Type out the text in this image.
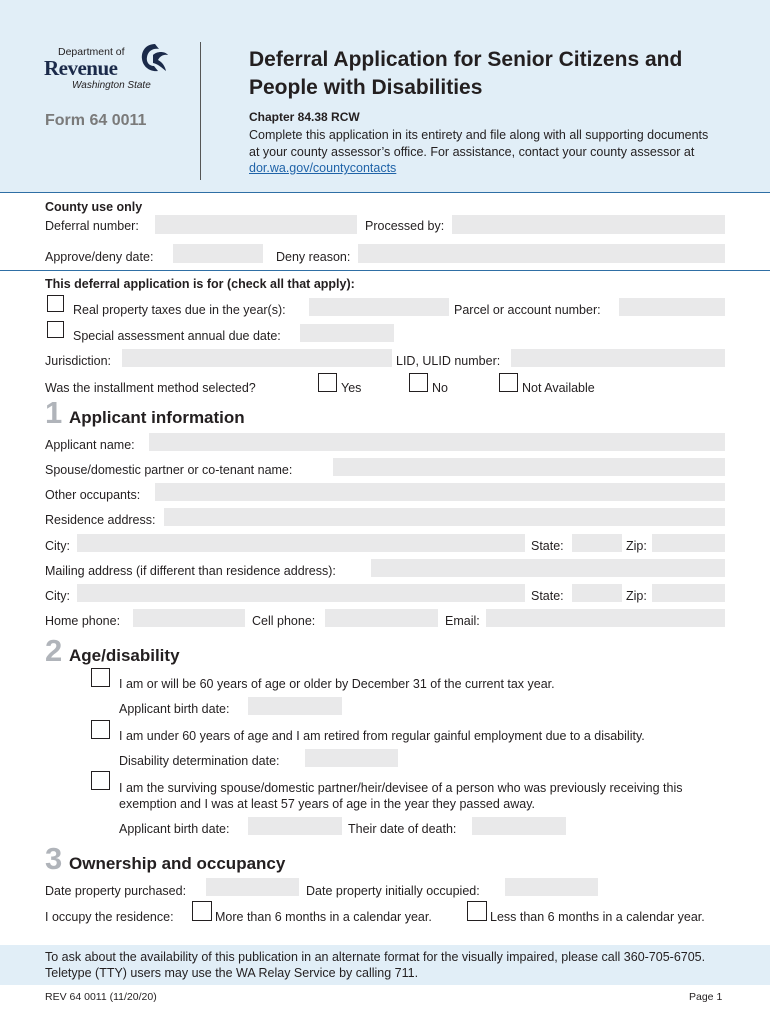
Department of
Revenue
Washington State
Form 64 0011
Deferral Application for Senior Citizens and People with Disabilities
Chapter 84.38 RCW
Complete this application in its entirety and file along with all supporting documents at your county assessor’s office. For assistance, contact your county assessor at dor.wa.gov/countycontacts
County use only
Deferral number:	Processed by:
Approve/deny date:	Deny reason:
This deferral application is for (check all that apply):
Real property taxes due in the year(s):	Parcel or account number:
Special assessment annual due date:
Jurisdiction:	LID, ULID number:
Was the installment method selected?	Yes	No	Not Available
1 Applicant information
Applicant name:
Spouse/domestic partner or co-tenant name:
Other occupants:
Residence address:
City:	State:	Zip:
Mailing address (if different than residence address):
City:	State:	Zip:
Home phone:	Cell phone:	Email:
2 Age/disability
I am or will be 60 years of age or older by December 31 of the current tax year.
Applicant birth date:
I am under 60 years of age and I am retired from regular gainful employment due to a disability.
Disability determination date:
I am the surviving spouse/domestic partner/heir/devisee of a person who was previously receiving this exemption and I was at least 57 years of age in the year they passed away.
Applicant birth date:	Their date of death:
3 Ownership and occupancy
Date property purchased:	Date property initially occupied:
I occupy the residence:	More than 6 months in a calendar year.	Less than 6 months in a calendar year.
To ask about the availability of this publication in an alternate format for the visually impaired, please call 360-705-6705. Teletype (TTY) users may use the WA Relay Service by calling 711.
REV 64 0011 (11/20/20)	Page 1
